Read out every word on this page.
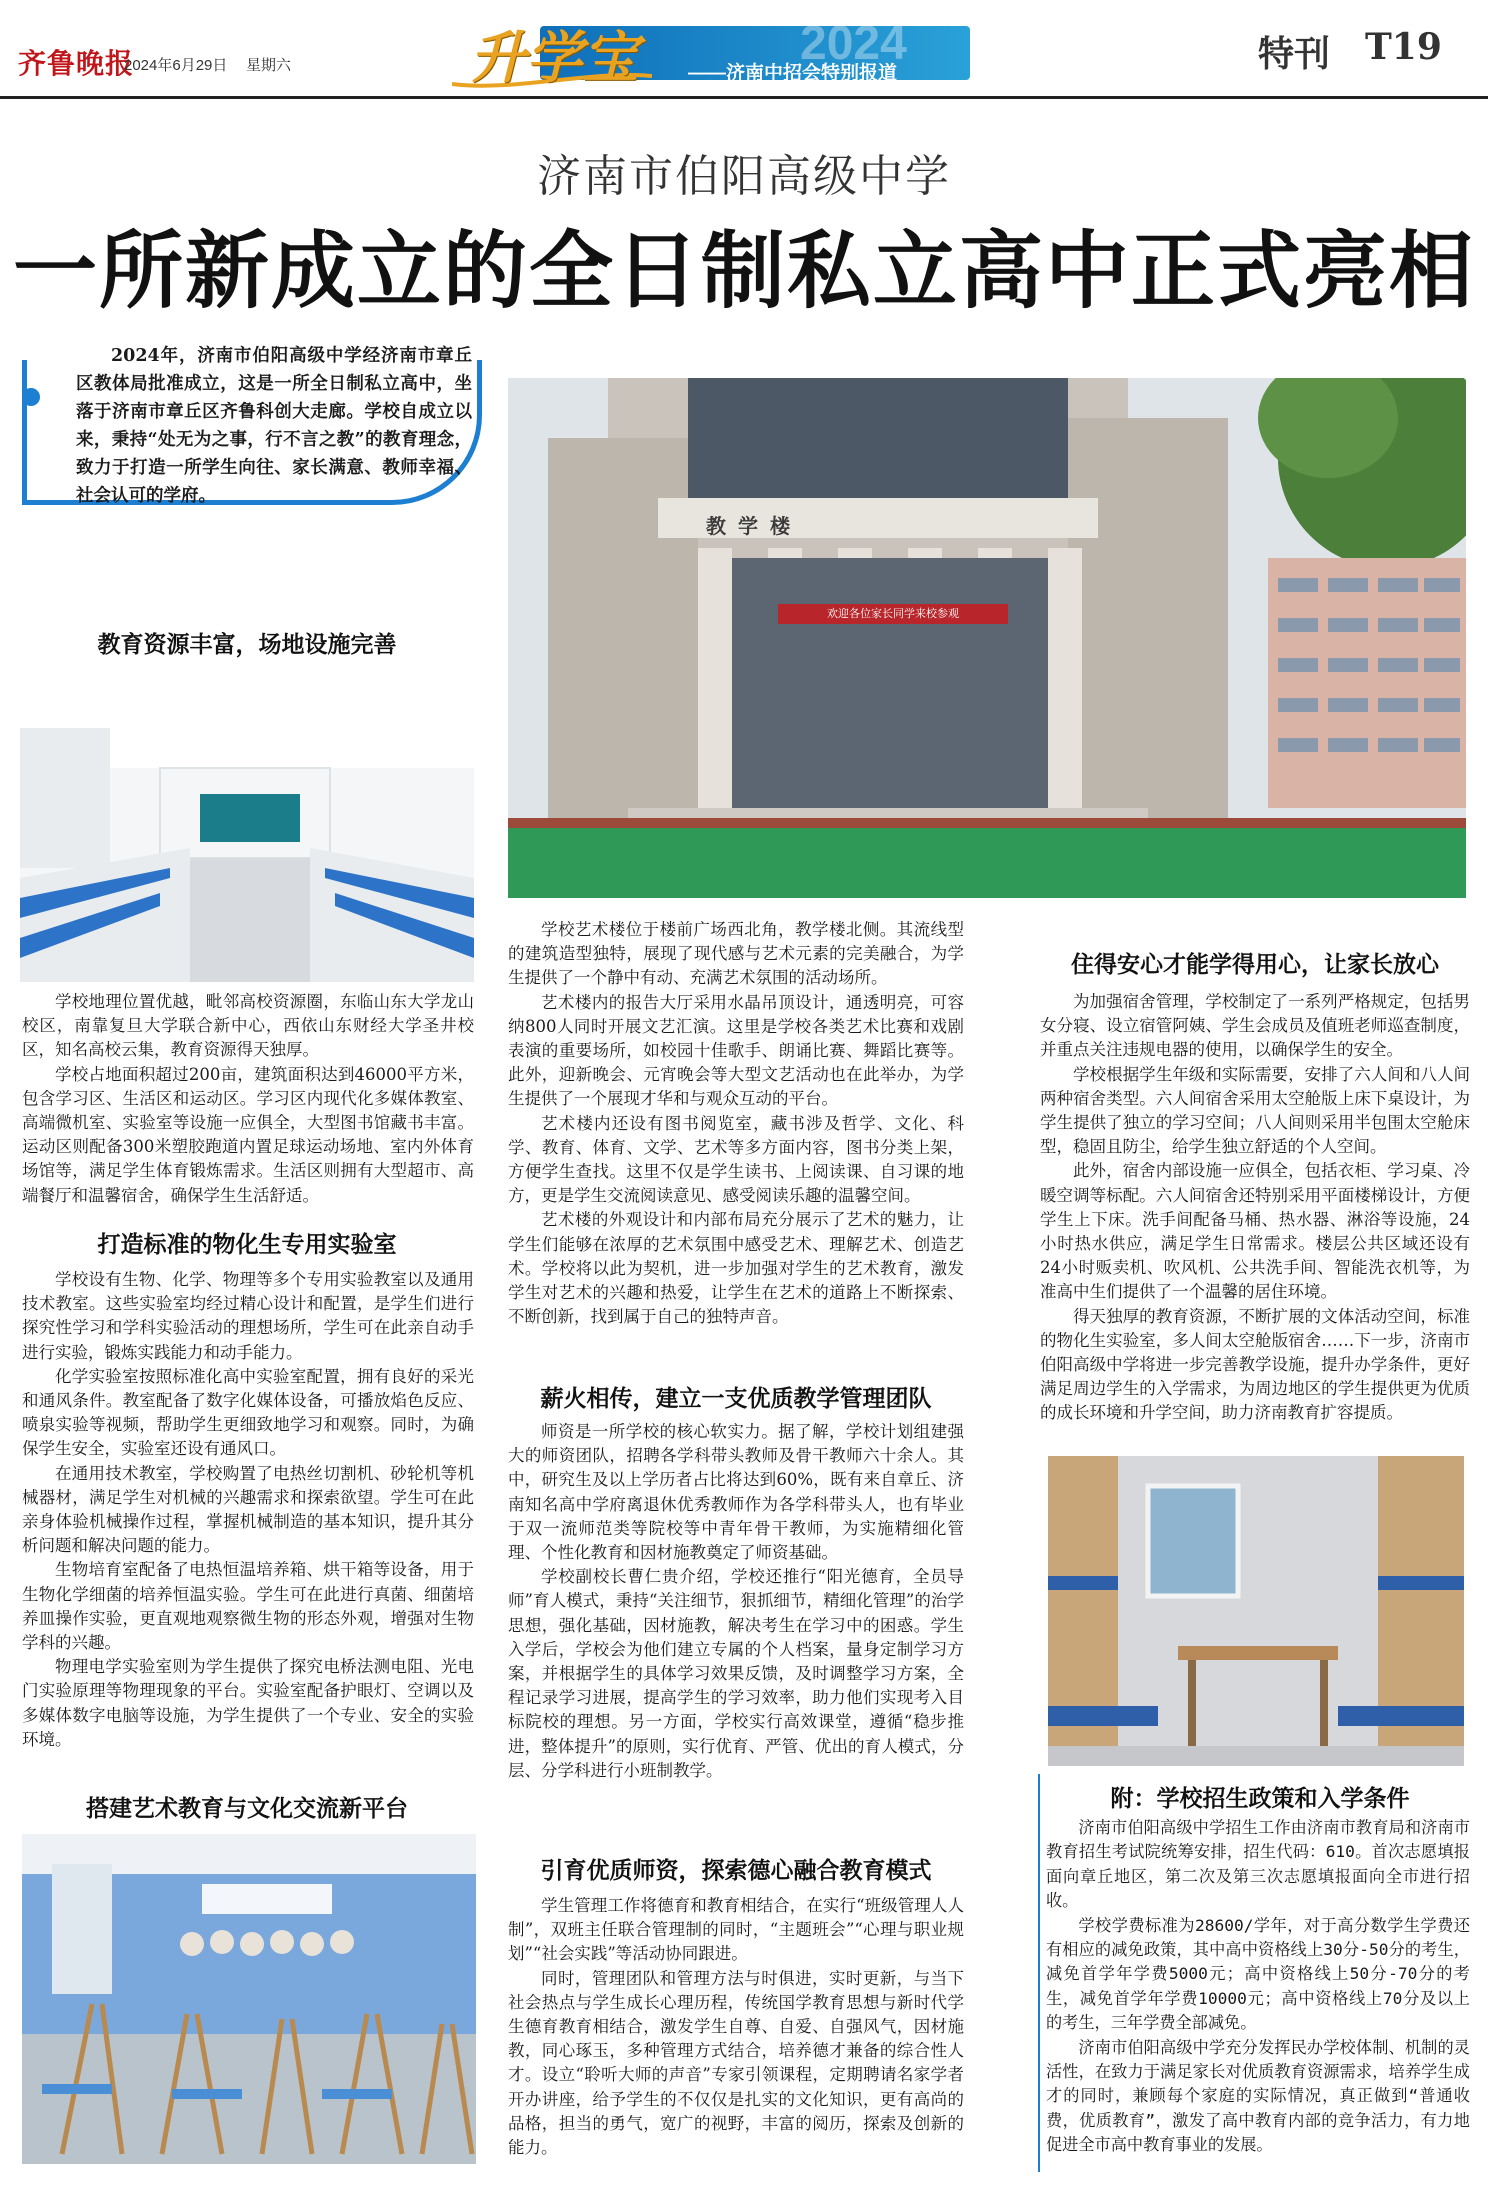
齐鲁晚报
2024年6月29日 星期六	升学宝	2024
——济南中招会特别报道	特刊 T19
济南市伯阳高级中学
一所新成立的全日制私立高中正式亮相
2024年，济南市伯阳高级中学经济南市章丘区教体局批准成立，这是一所全日制私立高中，坐落于济南市章丘区齐鲁科创大走廊。学校自成立以来，秉持“处无为之事，行不言之教”的教育理念，致力于打造一所学生向往、家长满意、教师幸福、社会认可的学府。
教学楼
欢迎各位家长同学来校参观
教育资源丰富，场地设施完善

学校地理位置优越，毗邻高校资源圈，东临山东大学龙山校区，南靠复旦大学联合新中心，西依山东财经大学圣井校区，知名高校云集，教育资源得天独厚。

学校占地面积超过200亩，建筑面积达到46000平方米，包含学习区、生活区和运动区。学习区内现代化多媒体教室、高端微机室、实验室等设施一应俱全，大型图书馆藏书丰富。运动区则配备300米塑胶跑道内置足球运动场地、室内外体育场馆等，满足学生体育锻炼需求。生活区则拥有大型超市、高端餐厅和温馨宿舍，确保学生生活舒适。

打造标准的物化生专用实验室

学校设有生物、化学、物理等多个专用实验教室以及通用技术教室。这些实验室均经过精心设计和配置，是学生们进行探究性学习和学科实验活动的理想场所，学生可在此亲自动手进行实验，锻炼实践能力和动手能力。

化学实验室按照标准化高中实验室配置，拥有良好的采光和通风条件。教室配备了数字化媒体设备，可播放焰色反应、喷泉实验等视频，帮助学生更细致地学习和观察。同时，为确保学生安全，实验室还设有通风口。

在通用技术教室，学校购置了电热丝切割机、砂轮机等机械器材，满足学生对机械的兴趣需求和探索欲望。学生可在此亲身体验机械操作过程，掌握机械制造的基本知识，提升其分析问题和解决问题的能力。

生物培育室配备了电热恒温培养箱、烘干箱等设备，用于生物化学细菌的培养恒温实验。学生可在此进行真菌、细菌培养皿操作实验，更直观地观察微生物的形态外观，增强对生物学科的兴趣。

物理电学实验室则为学生提供了探究电桥法测电阻、光电门实验原理等物理现象的平台。实验室配备护眼灯、空调以及多媒体数字电脑等设施，为学生提供了一个专业、安全的实验环境。

搭建艺术教育与文化交流新平台

学校艺术楼位于楼前广场西北角，教学楼北侧。其流线型的建筑造型独特，展现了现代感与艺术元素的完美融合，为学生提供了一个静中有动、充满艺术氛围的活动场所。

艺术楼内的报告大厅采用水晶吊顶设计，通透明亮，可容纳800人同时开展文艺汇演。这里是学校各类艺术比赛和戏剧表演的重要场所，如校园十佳歌手、朗诵比赛、舞蹈比赛等。此外，迎新晚会、元宵晚会等大型文艺活动也在此举办，为学生提供了一个展现才华和与观众互动的平台。

艺术楼内还设有图书阅览室，藏书涉及哲学、文化、科学、教育、体育、文学、艺术等多方面内容，图书分类上架，方便学生查找。这里不仅是学生读书、上阅读课、自习课的地方，更是学生交流阅读意见、感受阅读乐趣的温馨空间。

艺术楼的外观设计和内部布局充分展示了艺术的魅力，让学生们能够在浓厚的艺术氛围中感受艺术、理解艺术、创造艺术。学校将以此为契机，进一步加强对学生的艺术教育，激发学生对艺术的兴趣和热爱，让学生在艺术的道路上不断探索、不断创新，找到属于自己的独特声音。

薪火相传，建立一支优质教学管理团队

师资是一所学校的核心软实力。据了解，学校计划组建强大的师资团队，招聘各学科带头教师及骨干教师六十余人。其中，研究生及以上学历者占比将达到60%，既有来自章丘、济南知名高中学府离退休优秀教师作为各学科带头人，也有毕业于双一流师范类等院校等中青年骨干教师，为实施精细化管理、个性化教育和因材施教奠定了师资基础。

学校副校长曹仁贵介绍，学校还推行“阳光德育，全员导师”育人模式，秉持“关注细节，狠抓细节，精细化管理”的治学思想，强化基础，因材施教，解决考生在学习中的困惑。学生入学后，学校会为他们建立专属的个人档案，量身定制学习方案，并根据学生的具体学习效果反馈，及时调整学习方案，全程记录学习进展，提高学生的学习效率，助力他们实现考入目标院校的理想。另一方面，学校实行高效课堂，遵循“稳步推进，整体提升”的原则，实行优育、严管、优出的育人模式，分层、分学科进行小班制教学。

引育优质师资，探索德心融合教育模式

学生管理工作将德育和教育相结合，在实行“班级管理人人制”，双班主任联合管理制的同时，“主题班会”“心理与职业规划”“社会实践”等活动协同跟进。

同时，管理团队和管理方法与时俱进，实时更新，与当下社会热点与学生成长心理历程，传统国学教育思想与新时代学生德育教育相结合，激发学生自尊、自爱、自强风气，因材施教，同心琢玉，多种管理方式结合，培养德才兼备的综合性人才。设立“聆听大师的声音”专家引领课程，定期聘请名家学者开办讲座，给予学生的不仅仅是扎实的文化知识，更有高尚的品格，担当的勇气，宽广的视野，丰富的阅历，探索及创新的能力。

住得安心才能学得用心，让家长放心

为加强宿舍管理，学校制定了一系列严格规定，包括男女分寝、设立宿管阿姨、学生会成员及值班老师巡查制度，并重点关注违规电器的使用，以确保学生的安全。

学校根据学生年级和实际需要，安排了六人间和八人间两种宿舍类型。六人间宿舍采用太空舱版上床下桌设计，为学生提供了独立的学习空间；八人间则采用半包围太空舱床型，稳固且防尘，给学生独立舒适的个人空间。

此外，宿舍内部设施一应俱全，包括衣柜、学习桌、冷暖空调等标配。六人间宿舍还特别采用平面楼梯设计，方便学生上下床。洗手间配备马桶、热水器、淋浴等设施，24小时热水供应，满足学生日常需求。楼层公共区域还设有24小时贩卖机、吹风机、公共洗手间、智能洗衣机等，为准高中生们提供了一个温馨的居住环境。

得天独厚的教育资源，不断扩展的文体活动空间，标准的物化生实验室，多人间太空舱版宿舍……下一步，济南市伯阳高级中学将进一步完善教学设施，提升办学条件，更好满足周边学生的入学需求，为周边地区的学生提供更为优质的成长环境和升学空间，助力济南教育扩容提质。

附：学校招生政策和入学条件

济南市伯阳高级中学招生工作由济南市教育局和济南市教育招生考试院统筹安排，招生代码：610。首次志愿填报面向章丘地区，第二次及第三次志愿填报面向全市进行招收。

学校学费标准为28600/学年，对于高分数学生学费还有相应的减免政策，其中高中资格线上30分-50分的考生，减免首学年学费5000元；高中资格线上50分-70分的考生，减免首学年学费10000元；高中资格线上70分及以上的考生，三年学费全部减免。

济南市伯阳高级中学充分发挥民办学校体制、机制的灵活性，在致力于满足家长对优质教育资源需求，培养学生成才的同时，兼顾每个家庭的实际情况，真正做到“普通收费，优质教育”，激发了高中教育内部的竞争活力，有力地促进全市高中教育事业的发展。
